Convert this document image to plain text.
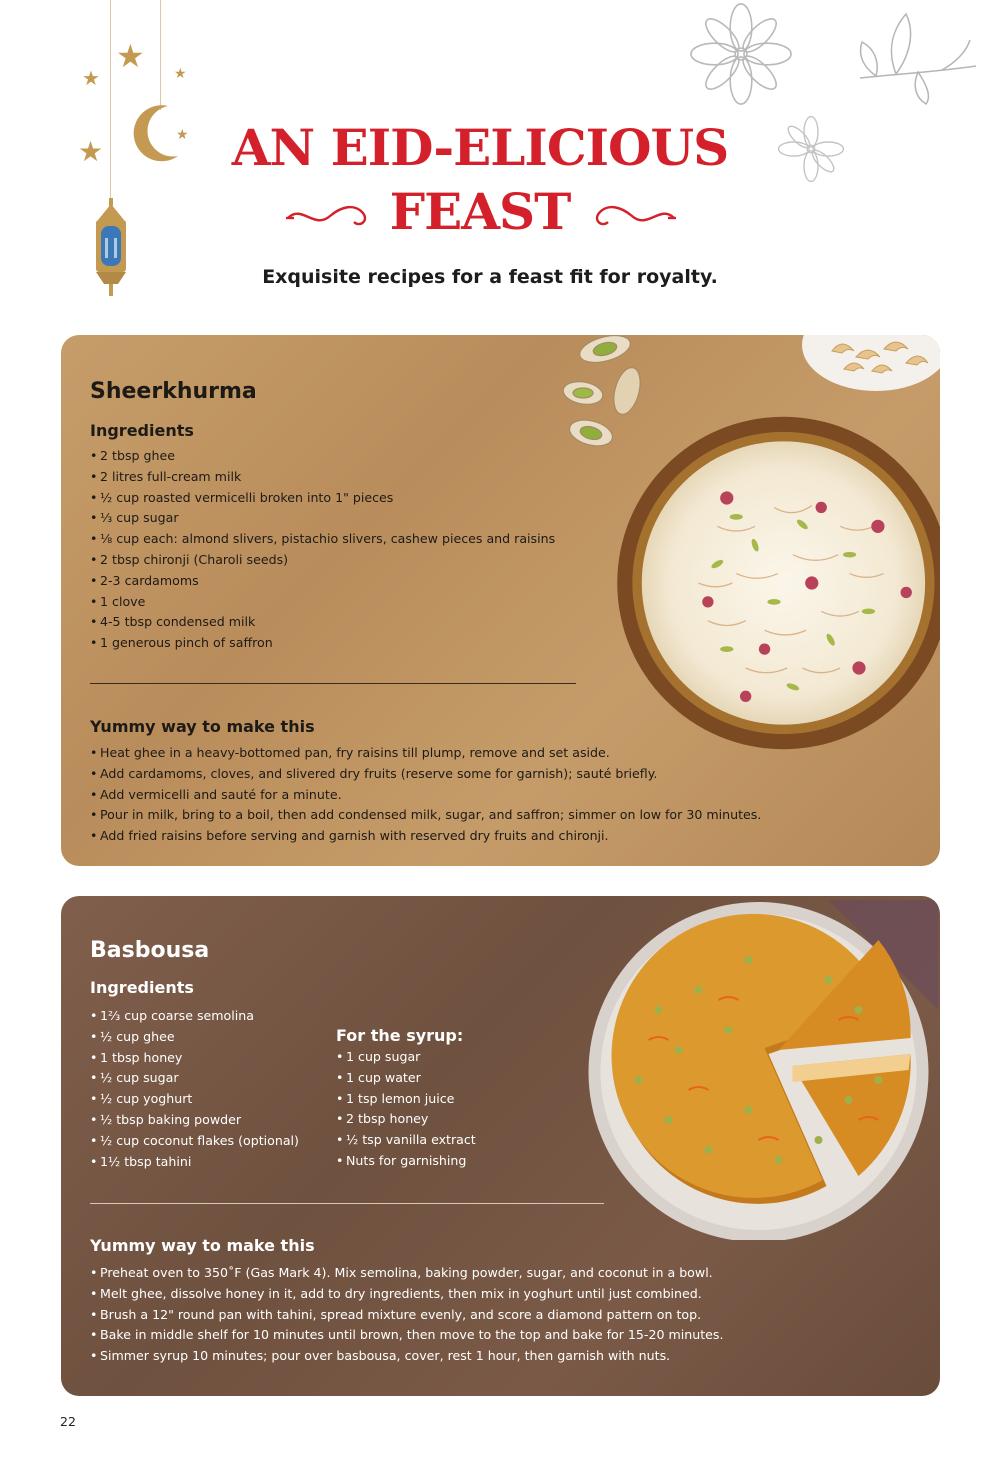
★
★	★
★	★ AN EID-ELICIOUS
FEAST
Exquisite recipes for a feast fit for royalty.
Sheerkhurma
Ingredients
• 2 tbsp ghee
• 2 litres full-cream milk
• ½ cup roasted vermicelli broken into 1" pieces
• ⅓ cup sugar
• ⅛ cup each: almond slivers, pistachio slivers, cashew pieces and raisins
• 2 tbsp chironji (Charoli seeds)
• 2-3 cardamoms
• 1 clove
• 4-5 tbsp condensed milk
• 1 generous pinch of saffron
Yummy way to make this
• Heat ghee in a heavy-bottomed pan, fry raisins till plump, remove and set aside.
• Add cardamoms, cloves, and slivered dry fruits (reserve some for garnish); sauté briefly.
• Add vermicelli and sauté for a minute.
• Pour in milk, bring to a boil, then add condensed milk, sugar, and saffron; simmer on low for 30 minutes.
• Add fried raisins before serving and garnish with reserved dry fruits and chironji.
Basbousa
Ingredients
• 1⅔ cup coarse semolina
• ½ cup ghee
• 1 tbsp honey
• ½ cup sugar
• ½ cup yoghurt
• ½ tbsp baking powder
• ½ cup coconut flakes (optional)
• 1½ tbsp tahini
For the syrup:
• 1 cup sugar
• 1 cup water
• 1 tsp lemon juice
• 2 tbsp honey
• ½ tsp vanilla extract
• Nuts for garnishing
Yummy way to make this
• Preheat oven to 350˚F (Gas Mark 4). Mix semolina, baking powder, sugar, and coconut in a bowl.
• Melt ghee, dissolve honey in it, add to dry ingredients, then mix in yoghurt until just combined.
• Brush a 12" round pan with tahini, spread mixture evenly, and score a diamond pattern on top.
• Bake in middle shelf for 10 minutes until brown, then move to the top and bake for 15-20 minutes.
• Simmer syrup 10 minutes; pour over basbousa, cover, rest 1 hour, then garnish with nuts.
22
